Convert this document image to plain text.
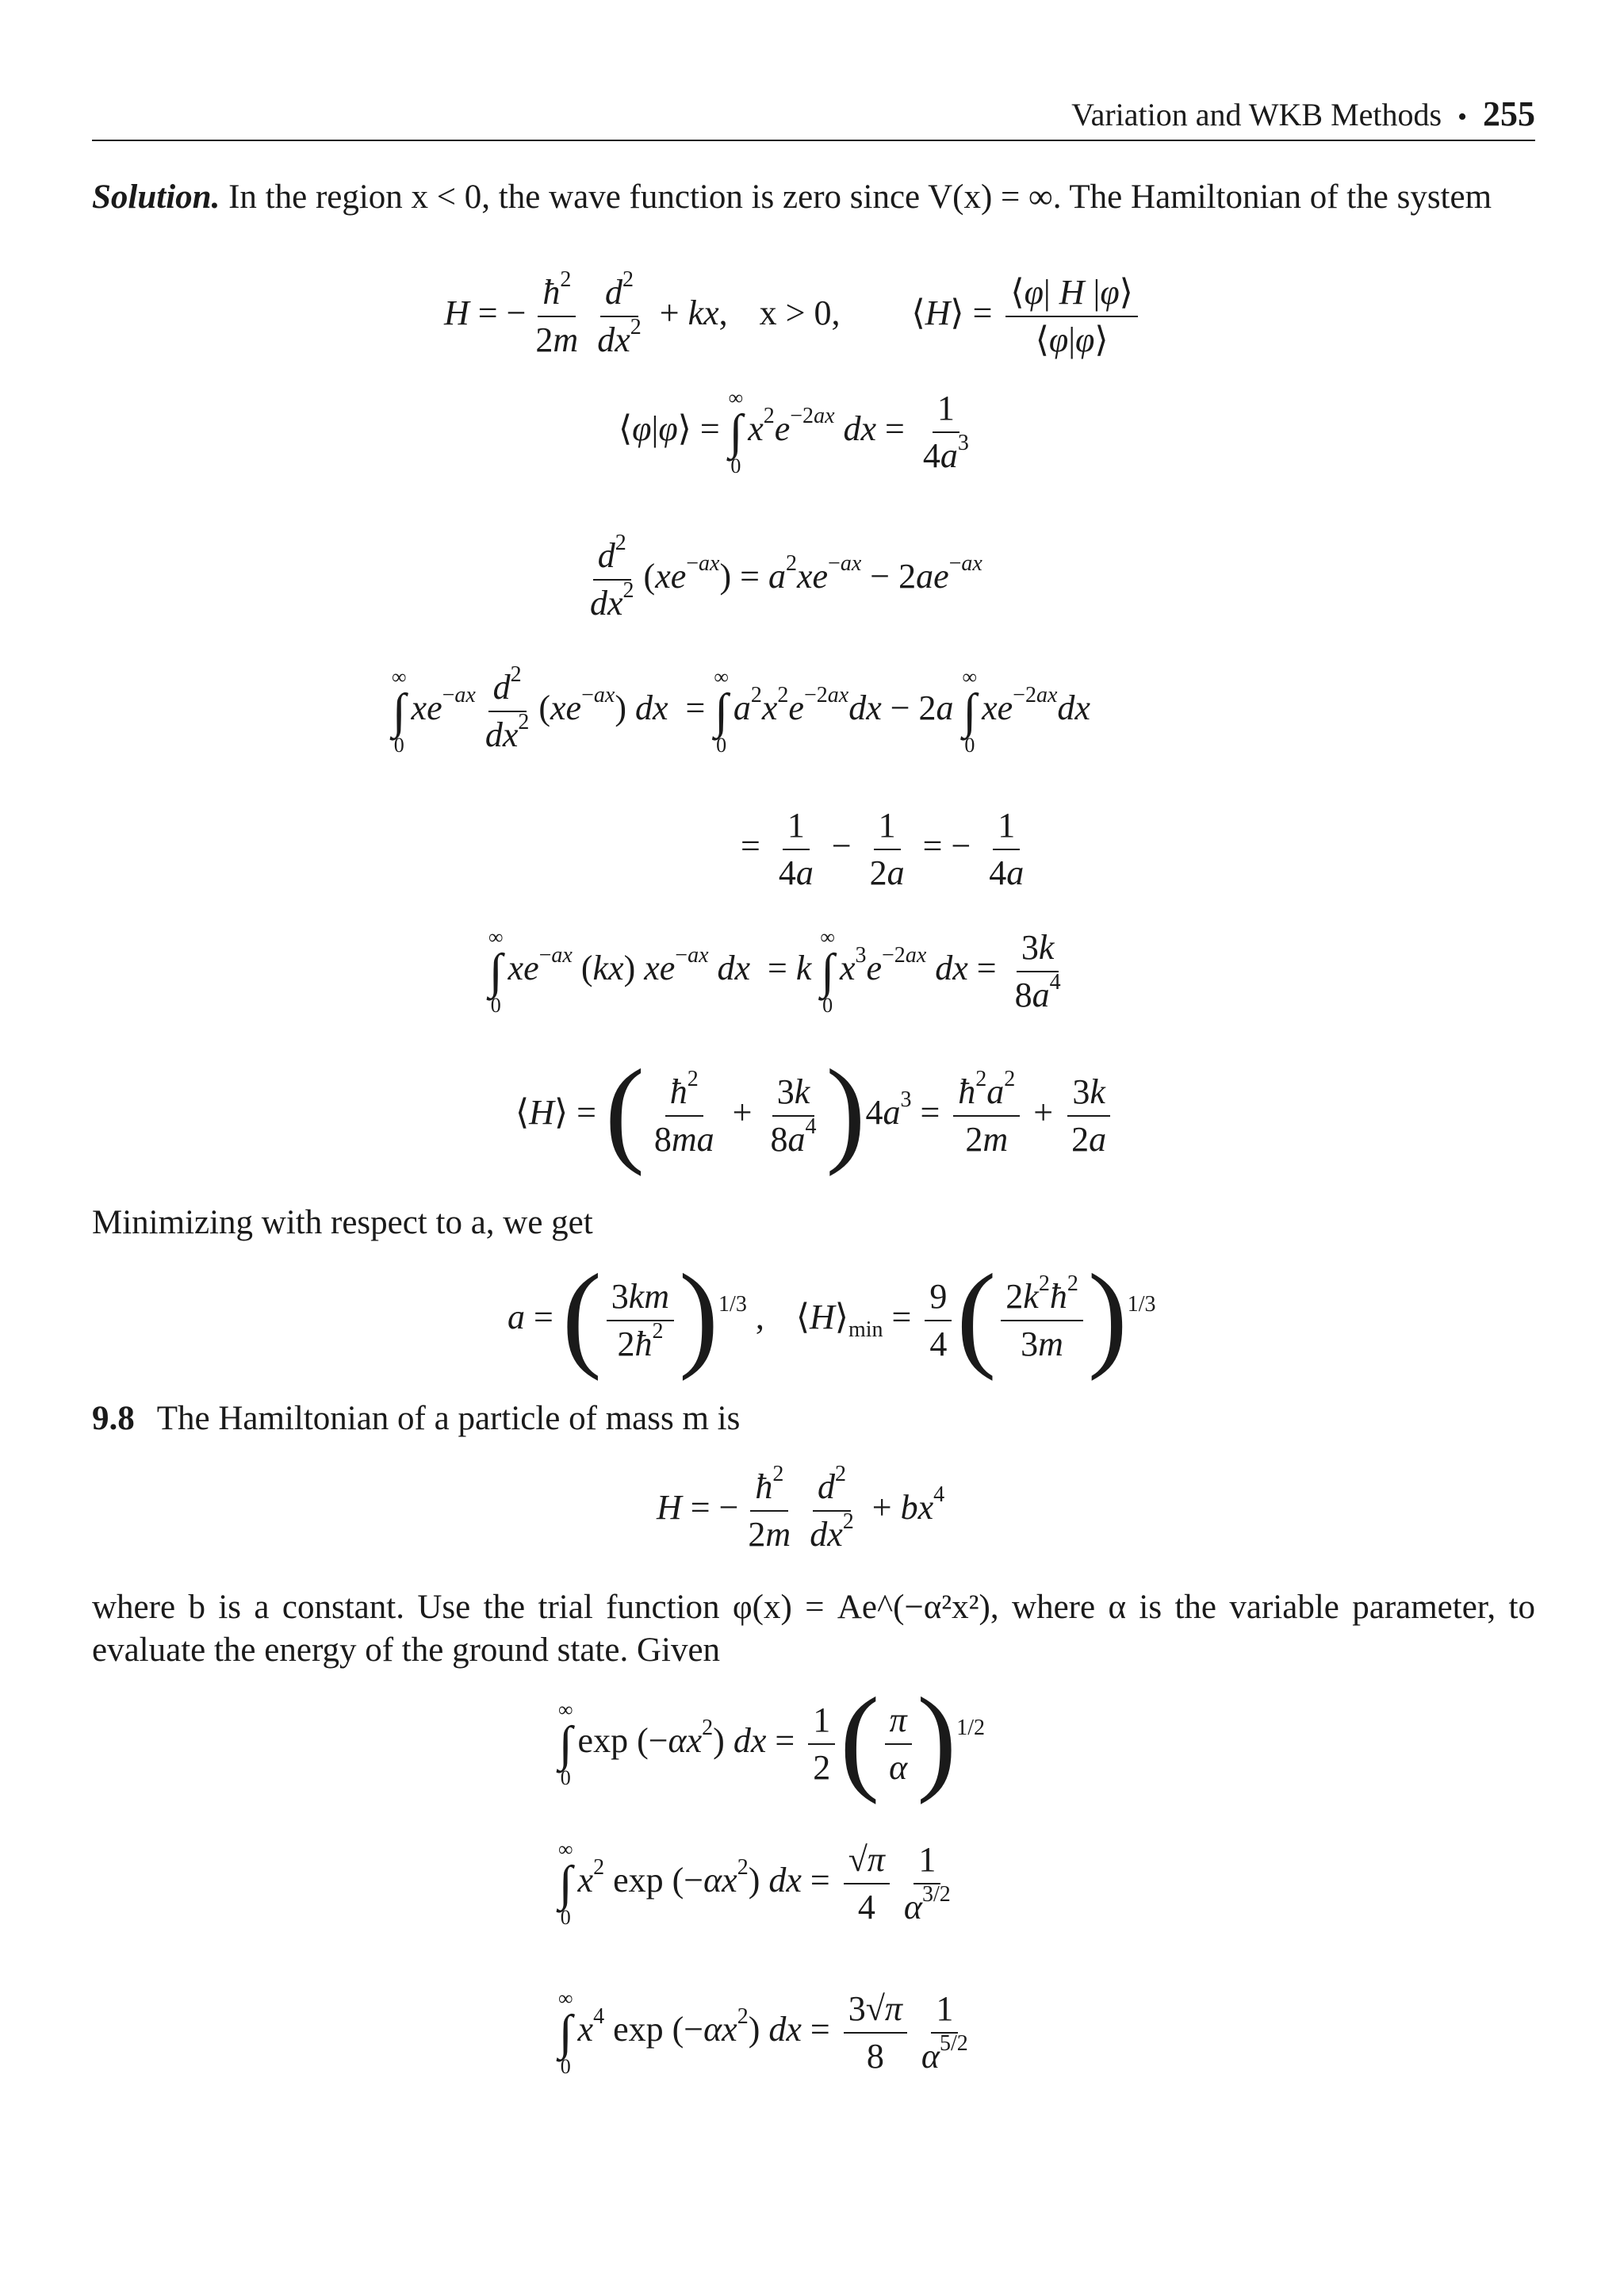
Variation and WKB Methods • 255
Solution. In the region x < 0, the wave function is zero since V(x) = ∞. The Hamiltonian of the system
H = − $\frac{ħ^2}{2m} \frac{d^2}{dx^2}$ + kx, x > 0, ⟨H⟩ = $\frac{⟨\varphi| H |\varphi⟩}{⟨\varphi|\varphi⟩}$
⟨φ|φ⟩ =
∞
∫
0
$x^2e^{-2ax}$ dx = $\frac{1}{4a^3}$
$\frac{d^2}{dx^2} (xe^{-ax}) = a^2xe^{-ax} - 2ae^{-ax}$
∞
∫
0
$xe^{-ax} \frac{d^2}{dx^2} (xe^{-ax})$ dx  =
∞
∫
0
$a^2x^2e^{-2ax}dx - 2a$
∞
∫
0
$xe^{-2ax}dx$
= $\frac{1}{4a} - \frac{1}{2a}$ = − $\frac{1}{4a}$
∞
∫
0
$xe^{-ax}$ (kx) $xe^{-ax}$ dx  = k
∞
∫
0
$x^3e^{-2ax}$ dx = $\frac{3k}{8a^4}$
⟨H⟩ = ( $\frac{ħ^2}{8ma} + \frac{3k}{8a^4} )4a^3 = \frac{ħ^2a^2}{2m} + \frac{3k}{2a}$
Minimizing with respect to a, we get
a = ( $\frac{3km}{2ħ^2} )^{1/3}$ , $⟨H⟩_{min} = \frac{9}{4}$ ( $\frac{2k^2ħ^2}{3m} )^{1/3}$
9.8 The Hamiltonian of a particle of mass m is
H = − $\frac{ħ^2}{2m} \frac{d^2}{dx^2} + bx^4$
where b is a constant. Use the trial function φ(x) = Ae^(−α²x²), where α is the variable parameter, to evaluate the energy of the ground state. Given
∞
∫
0
$\exp (-\alpha x^2)$ dx = $\frac{1}{2}$ ( $\frac{\pi}{\alpha} )^{1/2}$
∞
∫
0
$x^2$ $\exp (-\alpha x^2)$ dx = $\frac{√\pi}{4} \frac{1}{\alpha^{3/2}}$
∞
∫
0
$x^4$ $\exp (-\alpha x^2)$ dx = $\frac{3√\pi}{8} \frac{1}{\alpha^{5/2}}$
